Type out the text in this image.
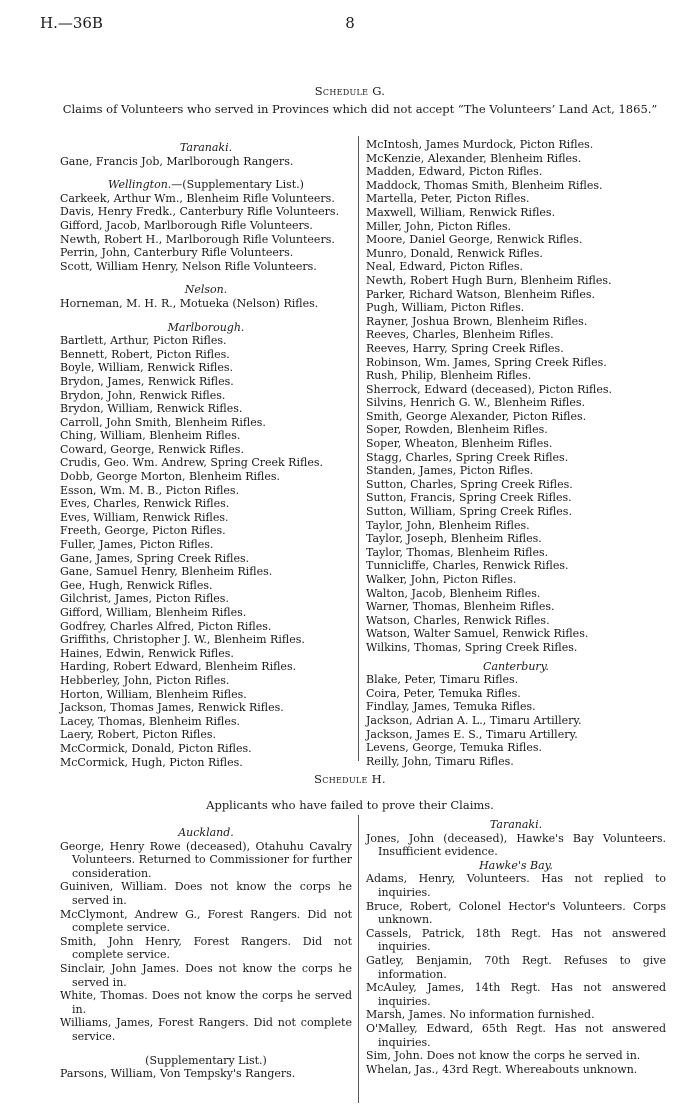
H.—36B	8
Schedule G.
Claims of Volunteers who served in Provinces which did not accept “The Volunteers’ Land Act, 1865.”
Taranaki.
Gane, Francis Job, Marlborough Rangers.
Wellington.—(Supplementary List.)
Carkeek, Arthur Wm., Blenheim Rifle Volunteers.
Davis, Henry Fredk., Canterbury Rifle Volunteers.
Gifford, Jacob, Marlborough Rifle Volunteers.
Newth, Robert H., Marlborough Rifle Volunteers.
Perrin, John, Canterbury Rifle Volunteers.
Scott, William Henry, Nelson Rifle Volunteers.
Nelson.
Horneman, M. H. R., Motueka (Nelson) Rifles.
Marlborough.
Bartlett, Arthur, Picton Rifles.
Bennett, Robert, Picton Rifles.
Boyle, William, Renwick Rifles.
Brydon, James, Renwick Rifles.
Brydon, John, Renwick Rifles.
Brydon, William, Renwick Rifles.
Carroll, John Smith, Blenheim Rifles.
Ching, William, Blenheim Rifles.
Coward, George, Renwick Rifles.
Crudis, Geo. Wm. Andrew, Spring Creek Rifles.
Dobb, George Morton, Blenheim Rifles.
Esson, Wm. M. B., Picton Rifles.
Eves, Charles, Renwick Rifles.
Eves, William, Renwick Rifles.
Freeth, George, Picton Rifles.
Fuller, James, Picton Rifles.
Gane, James, Spring Creek Rifles.
Gane, Samuel Henry, Blenheim Rifles.
Gee, Hugh, Renwick Rifles.
Gilchrist, James, Picton Rifles.
Gifford, William, Blenheim Rifles.
Godfrey, Charles Alfred, Picton Rifles.
Griffiths, Christopher J. W., Blenheim Rifles.
Haines, Edwin, Renwick Rifles.
Harding, Robert Edward, Blenheim Rifles.
Hebberley, John, Picton Rifles.
Horton, William, Blenheim Rifles.
Jackson, Thomas James, Renwick Rifles.
Lacey, Thomas, Blenheim Rifles.
Laery, Robert, Picton Rifles.
McCormick, Donald, Picton Rifles.
McCormick, Hugh, Picton Rifles.
McIntosh, James Murdock, Picton Rifles.
McKenzie, Alexander, Blenheim Rifles.
Madden, Edward, Picton Rifles.
Maddock, Thomas Smith, Blenheim Rifles.
Martella, Peter, Picton Rifles.
Maxwell, William, Renwick Rifles.
Miller, John, Picton Rifles.
Moore, Daniel George, Renwick Rifles.
Munro, Donald, Renwick Rifles.
Neal, Edward, Picton Rifles.
Newth, Robert Hugh Burn, Blenheim Rifles.
Parker, Richard Watson, Blenheim Rifles.
Pugh, William, Picton Rifles.
Rayner, Joshua Brown, Blenheim Rifles.
Reeves, Charles, Blenheim Rifles.
Reeves, Harry, Spring Creek Rifles.
Robinson, Wm. James, Spring Creek Rifles.
Rush, Philip, Blenheim Rifles.
Sherrock, Edward (deceased), Picton Rifles.
Silvins, Henrich G. W., Blenheim Rifles.
Smith, George Alexander, Picton Rifles.
Soper, Rowden, Blenheim Rifles.
Soper, Wheaton, Blenheim Rifles.
Stagg, Charles, Spring Creek Rifles.
Standen, James, Picton Rifles.
Sutton, Charles, Spring Creek Rifles.
Sutton, Francis, Spring Creek Rifles.
Sutton, William, Spring Creek Rifles.
Taylor, John, Blenheim Rifles.
Taylor, Joseph, Blenheim Rifles.
Taylor, Thomas, Blenheim Rifles.
Tunnicliffe, Charles, Renwick Rifles.
Walker, John, Picton Rifles.
Walton, Jacob, Blenheim Rifles.
Warner, Thomas, Blenheim Rifles.
Watson, Charles, Renwick Rifles.
Watson, Walter Samuel, Renwick Rifles.
Wilkins, Thomas, Spring Creek Rifles.
Canterbury.
Blake, Peter, Timaru Rifles.
Coira, Peter, Temuka Rifles.
Findlay, James, Temuka Rifles.
Jackson, Adrian A. L., Timaru Artillery.
Jackson, James E. S., Timaru Artillery.
Levens, George, Temuka Rifles.
Reilly, John, Timaru Rifles.
Schedule H.
Applicants who have failed to prove their Claims.
Auckland.
George, Henry Rowe (deceased), Otahuhu Cavalry Volunteers. Returned to Commissioner for further consideration.
Guiniven, William. Does not know the corps he served in.
McClymont, Andrew G., Forest Rangers. Did not complete service.
Smith, John Henry, Forest Rangers. Did not complete service.
Sinclair, John James. Does not know the corps he served in.
White, Thomas. Does not know the corps he served in.
Williams, James, Forest Rangers. Did not complete service.
(Supplementary List.)
Parsons, William, Von Tempsky's Rangers.
Taranaki.
Jones, John (deceased), Hawke's Bay Volunteers. Insufficient evidence.
Hawke's Bay.
Adams, Henry, Volunteers. Has not replied to inquiries.
Bruce, Robert, Colonel Hector's Volunteers. Corps unknown.
Cassels, Patrick, 18th Regt. Has not answered inquiries.
Gatley, Benjamin, 70th Regt. Refuses to give information.
McAuley, James, 14th Regt. Has not answered inquiries.
Marsh, James. No information furnished.
O'Malley, Edward, 65th Regt. Has not answered inquiries.
Sim, John. Does not know the corps he served in.
Whelan, Jas., 43rd Regt. Whereabouts unknown.
